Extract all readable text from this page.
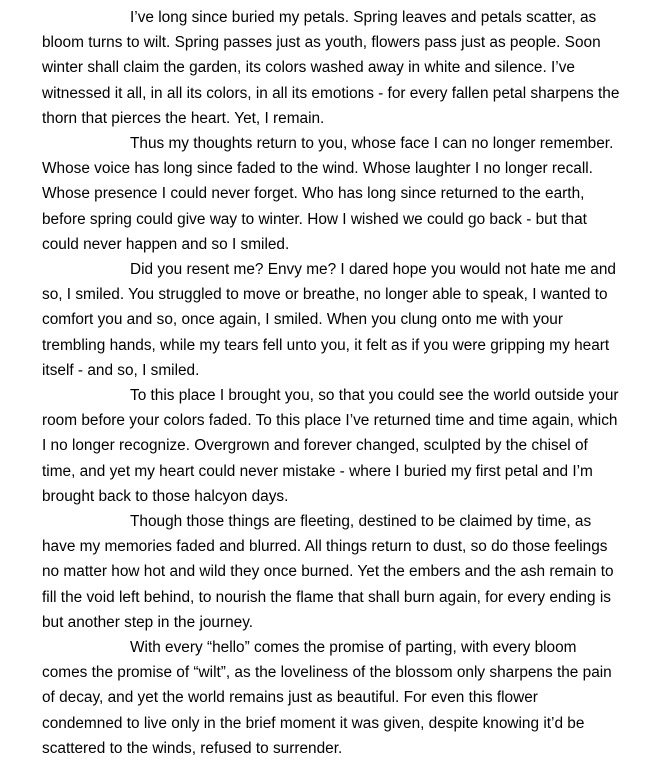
I’ve long since buried my petals. Spring leaves and petals scatter, as bloom turns to wilt. Spring passes just as youth, flowers pass just as people. Soon winter shall claim the garden, its colors washed away in white and silence. I’ve witnessed it all, in all its colors, in all its emotions - for every fallen petal sharpens the thorn that pierces the heart. Yet, I remain.

Thus my thoughts return to you, whose face I can no longer remember. Whose voice has long since faded to the wind. Whose laughter I no longer recall. Whose presence I could never forget. Who has long since returned to the earth, before spring could give way to winter. How I wished we could go back - but that could never happen and so I smiled.

Did you resent me? Envy me? I dared hope you would not hate me and so, I smiled. You struggled to move or breathe, no longer able to speak, I wanted to comfort you and so, once again, I smiled. When you clung onto me with your trembling hands, while my tears fell unto you, it felt as if you were gripping my heart itself - and so, I smiled.

To this place I brought you, so that you could see the world outside your room before your colors faded. To this place I’ve returned time and time again, which I no longer recognize. Overgrown and forever changed, sculpted by the chisel of time, and yet my heart could never mistake - where I buried my first petal and I’m brought back to those halcyon days.

Though those things are fleeting, destined to be claimed by time, as have my memories faded and blurred. All things return to dust, so do those feelings no matter how hot and wild they once burned. Yet the embers and the ash remain to fill the void left behind, to nourish the flame that shall burn again, for every ending is but another step in the journey.

With every “hello” comes the promise of parting, with every bloom comes the promise of “wilt”, as the loveliness of the blossom only sharpens the pain of decay, and yet the world remains just as beautiful. For even this flower condemned to live only in the brief moment it was given, despite knowing it’d be scattered to the winds, refused to surrender.
